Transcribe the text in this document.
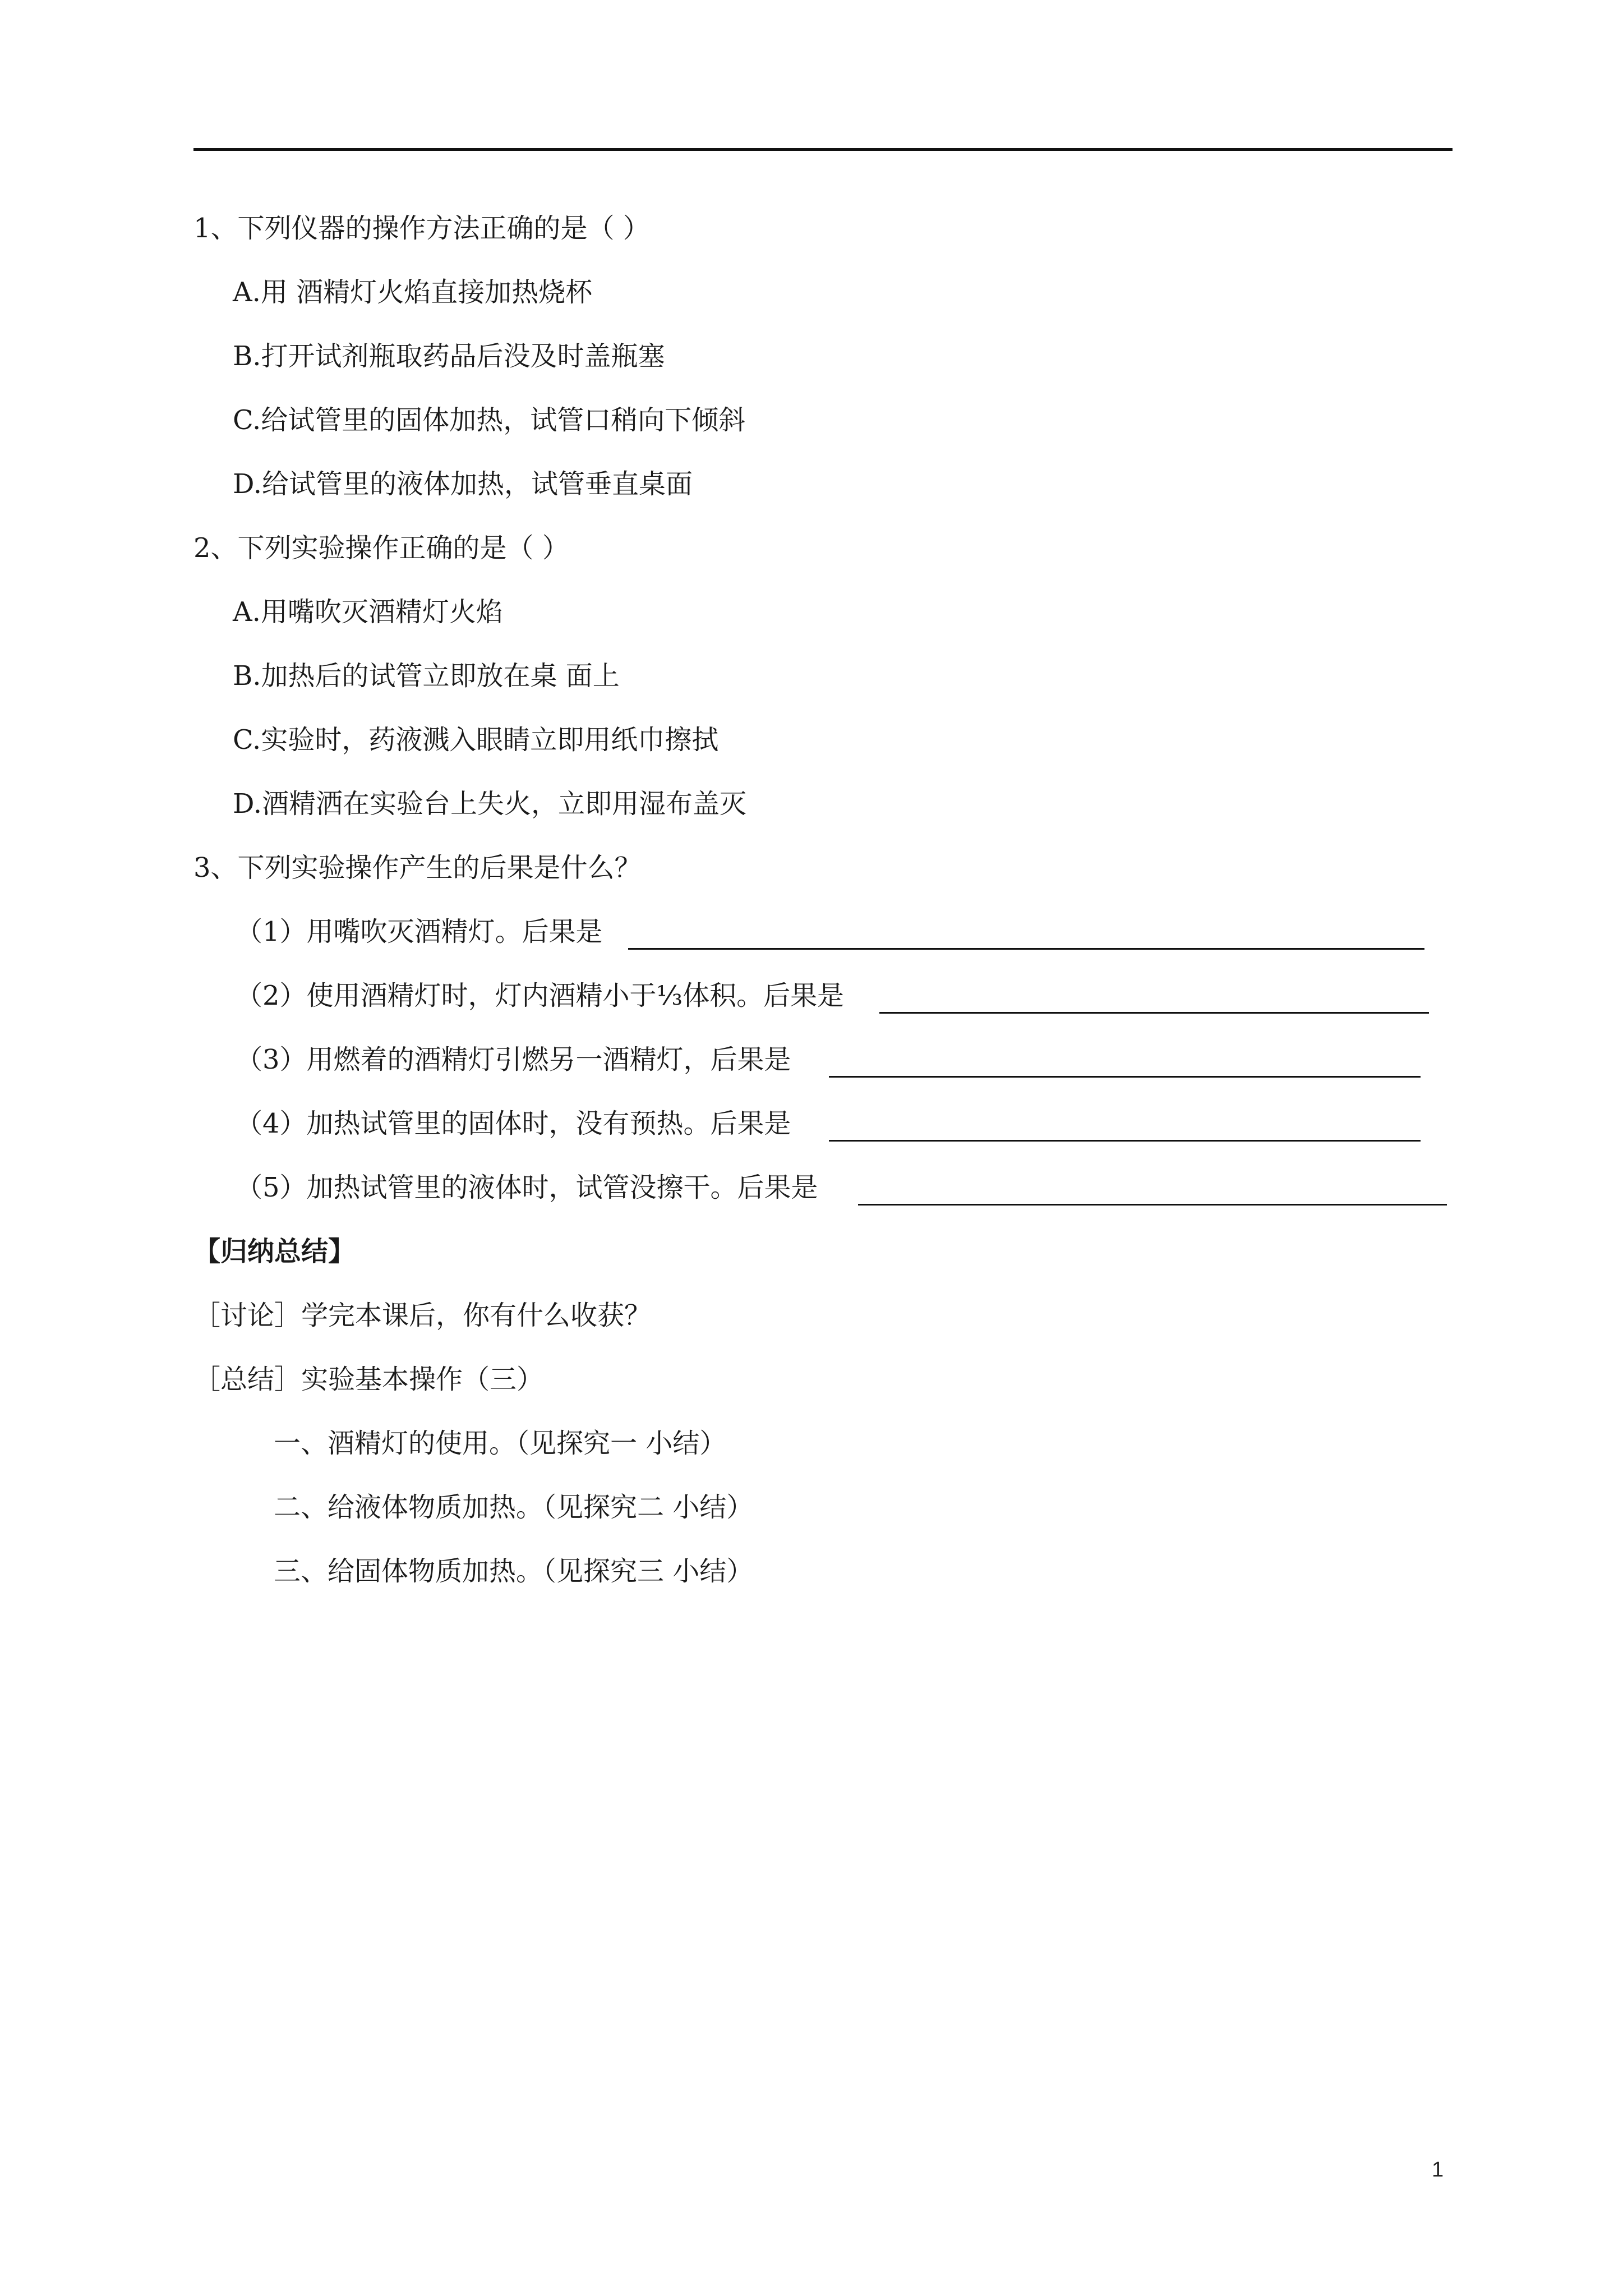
1、下列仪器的操作方法正确的是（ ）
A.用 酒精灯火焰直接加热烧杯
B.打开试剂瓶取药品后没及时盖瓶塞
C.给试管里的固体加热，试管口稍向下倾斜
D.给试管里的液体加热，试管垂直桌面
2、下列实验操作正确的是（ ）
A.用嘴吹灭酒精灯火焰
B.加热后的试管立即放在桌 面上
C.实验时，药液溅入眼睛立即用纸巾擦拭
D.酒精洒在实验台上失火，立即用湿布盖灭
3、下列实验操作产生的后果是什么？
（1）用嘴吹灭酒精灯。后果是
（2）使用酒精灯时，灯内酒精小于⅓体积。后果是
（3）用燃着的酒精灯引燃另一酒精灯，后果是
（4）加热试管里的固体时，没有预热。后果是
（5）加热试管里的液体时，试管没擦干。后果是
【归纳总结】
［讨论］学完本课后，你有什么收获？
［总结］实验基本操作（三）
一、酒精灯的使用。（见探究一 小结）
二、给液体物质加热。（见探究二 小结）
三、给固体物质加热。（见探究三 小结）
1
